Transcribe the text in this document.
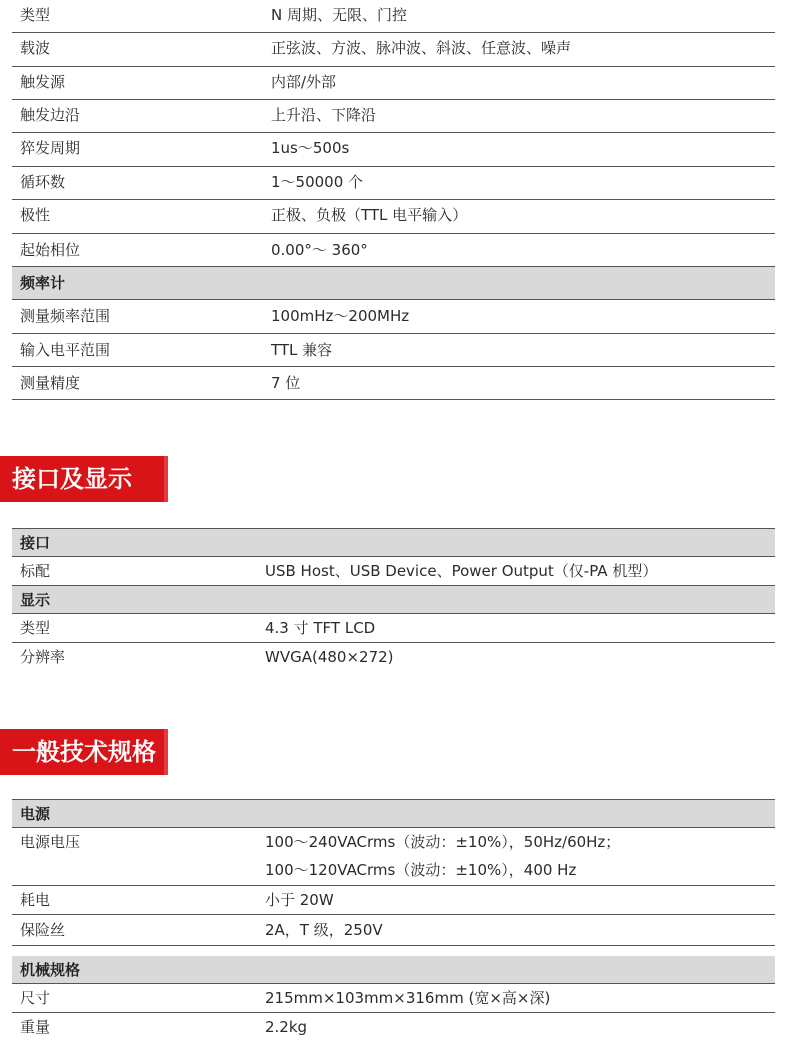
类型	N 周期、无限、门控
载波	正弦波、方波、脉冲波、斜波、任意波、噪声
触发源	内部/外部
触发边沿	上升沿、下降沿
猝发周期	1us～500s
循环数	1～50000 个
极性	正极、负极（TTL 电平输入）
起始相位	0.00°～ 360°
频率计
测量频率范围	100mHz～200MHz
输入电平范围	TTL 兼容
测量精度	7 位
接口及显示
接口
标配	USB Host、USB Device、Power Output（仅-PA 机型）
显示
类型	4.3 寸 TFT LCD
分辨率	WVGA(480×272)
一般技术规格
电源
电源电压	100～240VACrms（波动：±10%），50Hz/60Hz；
100～120VACrms（波动：±10%），400 Hz
耗电	小于 20W
保险丝	2A，T 级，250V
机械规格
尺寸	215mm×103mm×316mm (宽×高×深)
重量	2.2kg
